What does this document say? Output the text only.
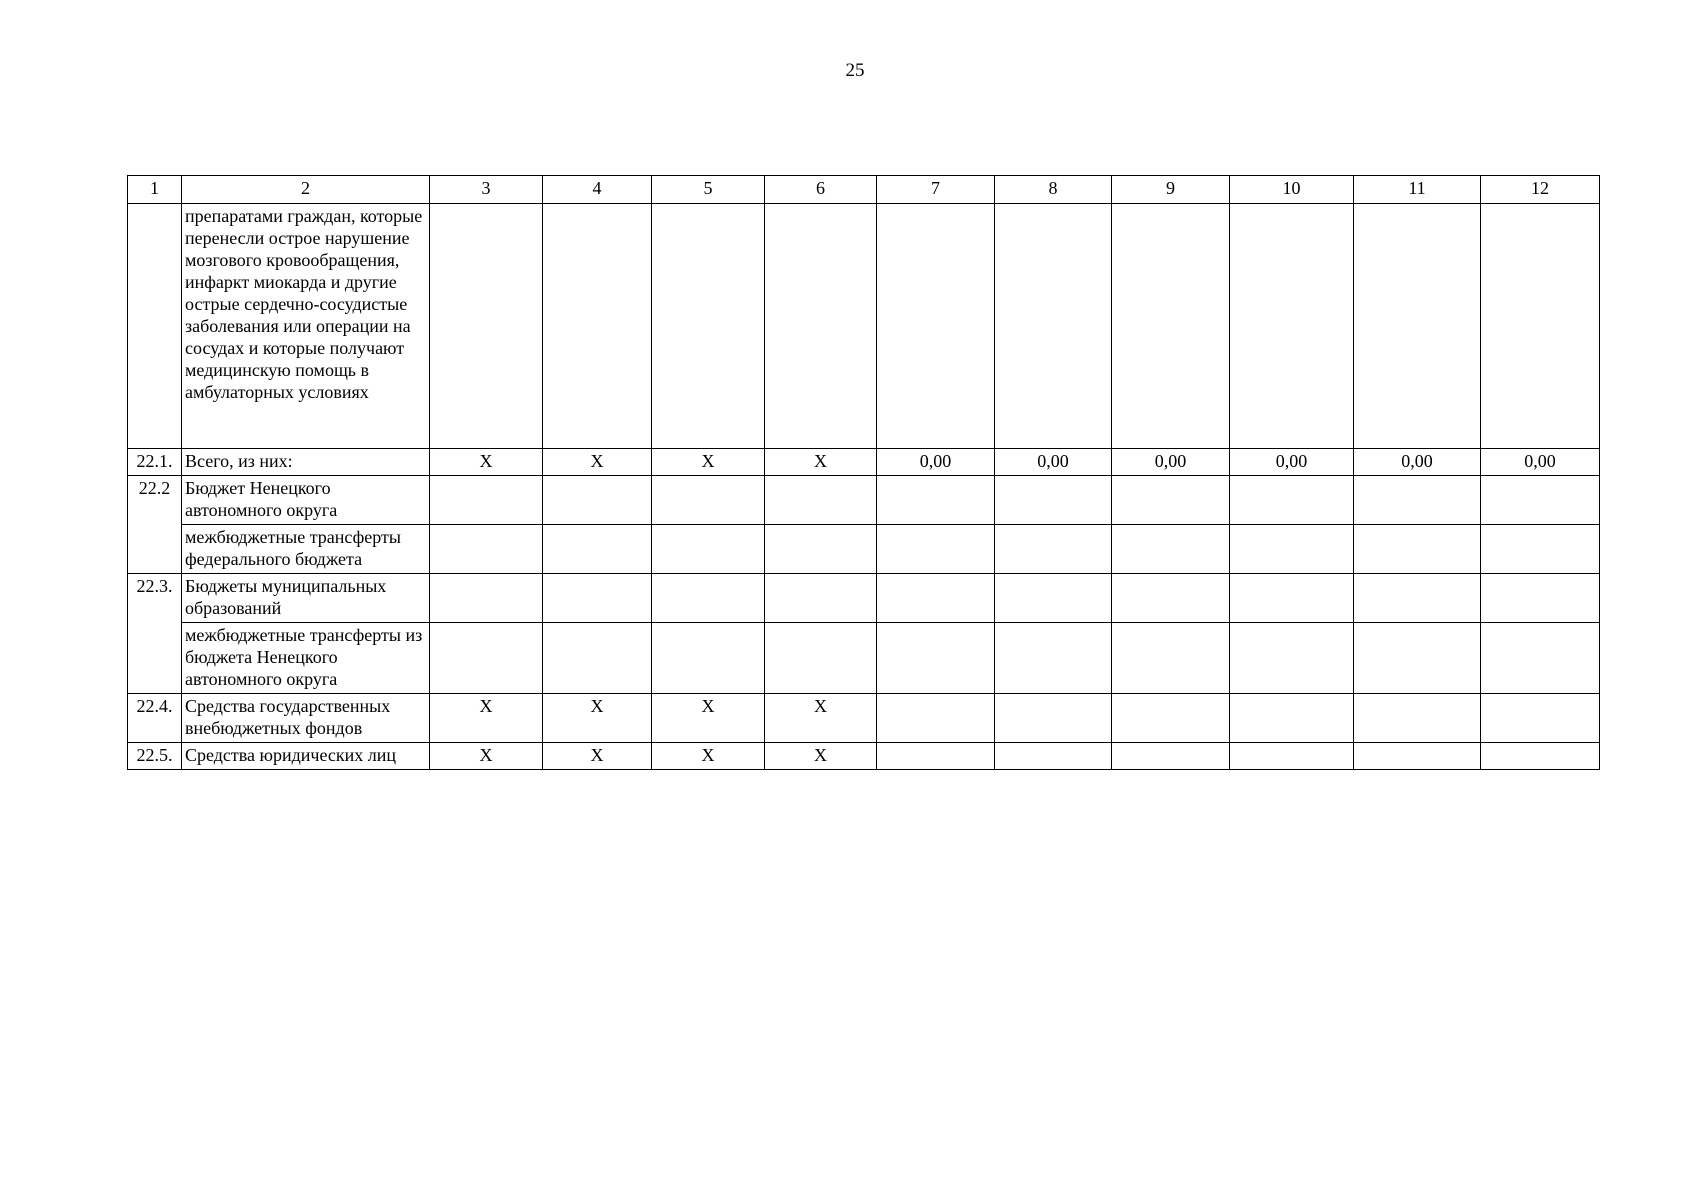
25
1	2	3	4	5	6	7	8	9	10	11	12
	препаратами граждан, которые перенесли острое нарушение мозгового кровообращения, инфаркт миокарда и другие острые сердечно-сосудистые заболевания или операции на сосудах и которые получают медицинскую помощь в амбулаторных условиях										
22.1.	Всего, из них:	X	X	X	X	0,00	0,00	0,00	0,00	0,00	0,00
22.2	Бюджет Ненецкого автономного округа										
	межбюджетные трансферты федерального бюджета										
22.3.	Бюджеты муниципальных образований										
	межбюджетные трансферты из бюджета Ненецкого автономного округа										
22.4.	Средства государственных внебюджетных фондов	X	X	X	X						
22.5.	Средства юридических лиц	X	X	X	X						
